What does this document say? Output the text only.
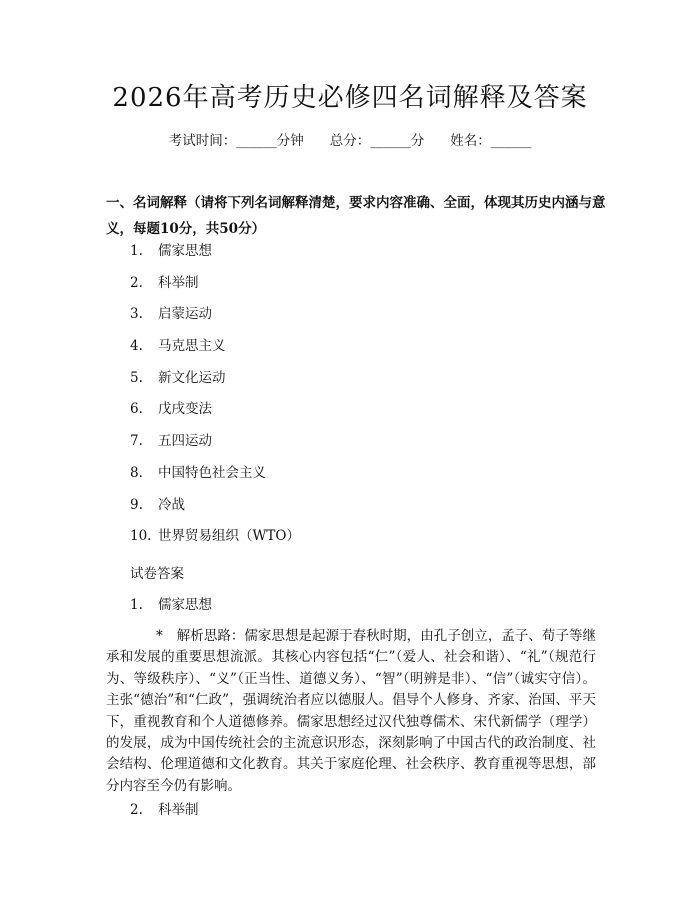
2026年高考历史必修四名词解释及答案
考试时间：______分钟 总分：______分 姓名：______
一、名词解释（请将下列名词解释清楚，要求内容准确、全面，体现其历史内涵与意义，每题10分，共50分）
1. 儒家思想
2. 科举制
3. 启蒙运动
4. 马克思主义
5. 新文化运动
6. 戊戌变法
7. 五四运动
8. 中国特色社会主义
9. 冷战
10. 世界贸易组织（WTO）
试卷答案
1. 儒家思想
* 解析思路：儒家思想是起源于春秋时期，由孔子创立，孟子、荀子等继承和发展的重要思想流派。其核心内容包括“仁”（爱人、社会和谐）、“礼”（规范行为、等级秩序）、“义”（正当性、道德义务）、“智”（明辨是非）、“信”（诚实守信）。主张“德治”和“仁政”，强调统治者应以德服人。倡导个人修身、齐家、治国、平天下，重视教育和个人道德修养。儒家思想经过汉代独尊儒术、宋代新儒学（理学）的发展，成为中国传统社会的主流意识形态，深刻影响了中国古代的政治制度、社会结构、伦理道德和文化教育。其关于家庭伦理、社会秩序、教育重视等思想，部分内容至今仍有影响。
2. 科举制
